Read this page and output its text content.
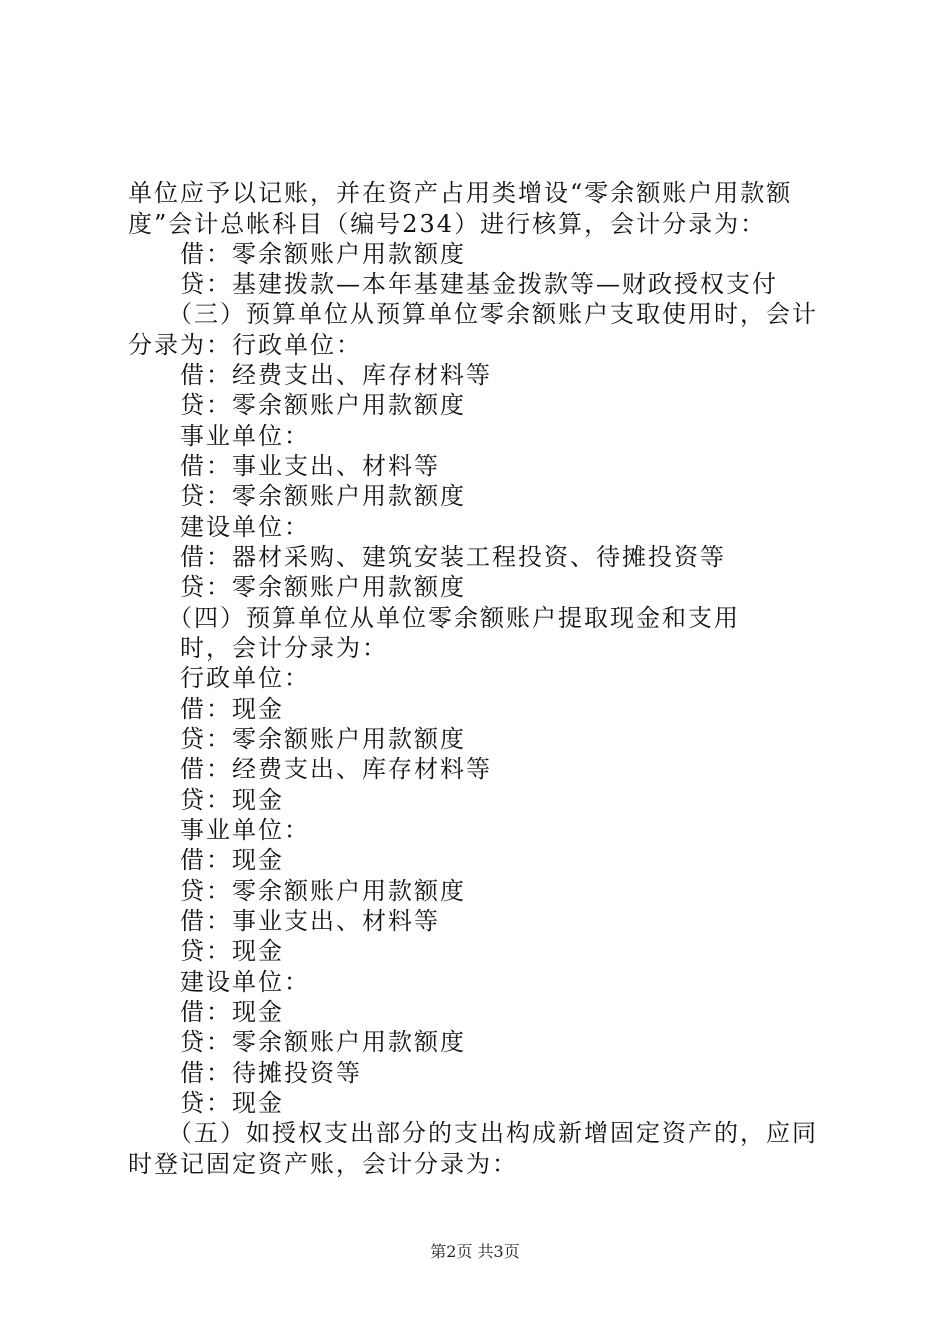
单位应予以记账，并在资产占用类增设“零余额账户用款额
度”会计总帐科目（编号234）进行核算，会计分录为：
借：零余额账户用款额度
贷：基建拨款—本年基建基金拨款等—财政授权支付
（三）预算单位从预算单位零余额账户支取使用时，会计
分录为：行政单位：
借：经费支出、库存材料等
贷：零余额账户用款额度
事业单位：
借：事业支出、材料等
贷：零余额账户用款额度
建设单位：
借：器材采购、建筑安装工程投资、待摊投资等
贷：零余额账户用款额度
（四）预算单位从单位零余额账户提取现金和支用
时，会计分录为：
行政单位：
借：现金
贷：零余额账户用款额度
借：经费支出、库存材料等
贷：现金
事业单位：
借：现金
贷：零余额账户用款额度
借：事业支出、材料等
贷：现金
建设单位：
借：现金
贷：零余额账户用款额度
借：待摊投资等
贷：现金
（五）如授权支出部分的支出构成新增固定资产的，应同
时登记固定资产账，会计分录为：
第2页 共3页
